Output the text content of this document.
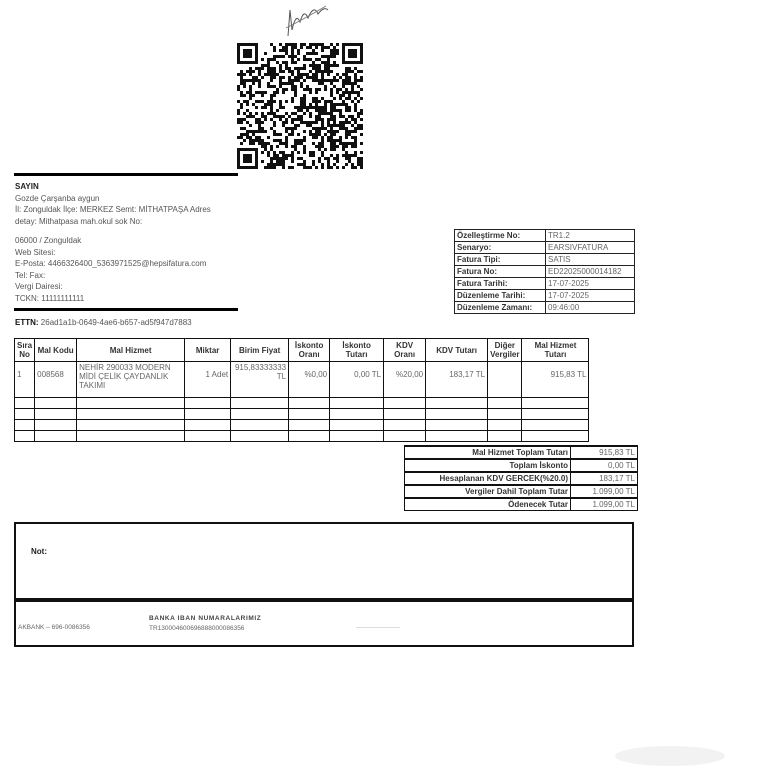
SAYIN
Gozde Çarşanba aygun
İl: Zonguldak İlçe: MERKEZ Semt: MİTHATPAŞA Adres
detay: Mithatpasa mah.okul sok No:
06000 / Zonguldak
Web Sitesi:
E-Posta: 4466326400_5363971525@hepsifatura.com
Tel: Fax:
Vergi Dairesi:
TCKN: 11111111111
ETTN: 26ad1a1b-0649-4ae6-b657-ad5f947d7883
Özelleştirme No:	TR1.2
Senaryo:	EARSIVFATURA
Fatura Tipi:	SATIS
Fatura No:	ED22025000014182
Fatura Tarihi:	17-07-2025
Düzenleme Tarihi:	17-07-2025
Düzenleme Zamanı:	09:46:00
Sıra No	Mal Kodu	Mal Hizmet	Miktar	Birim Fiyat	İskonto Oranı	İskonto Tutarı	KDV Oranı	KDV Tutarı	Diğer Vergiler	Mal Hizmet Tutarı
1	008568	NEHİR 290033 MODERN MİDİ ÇELİK ÇAYDANLIK TAKIMI	1 Adet	915,83333333 TL	%0,00	0,00 TL	%20,00	183,17 TL		915,83 TL

Mal Hizmet Toplam Tutarı	915,83 TL
Toplam İskonto	0,00 TL
Hesaplanan KDV GERCEK(%20.0)	183,17 TL
Vergiler Dahil Toplam Tutar	1.099,00 TL
Ödenecek Tutar	1.099,00 TL
Not:
AKBANK – 696-0086356
BANKA IBAN NUMARALARIMIZ
TR130004600696888000086356
